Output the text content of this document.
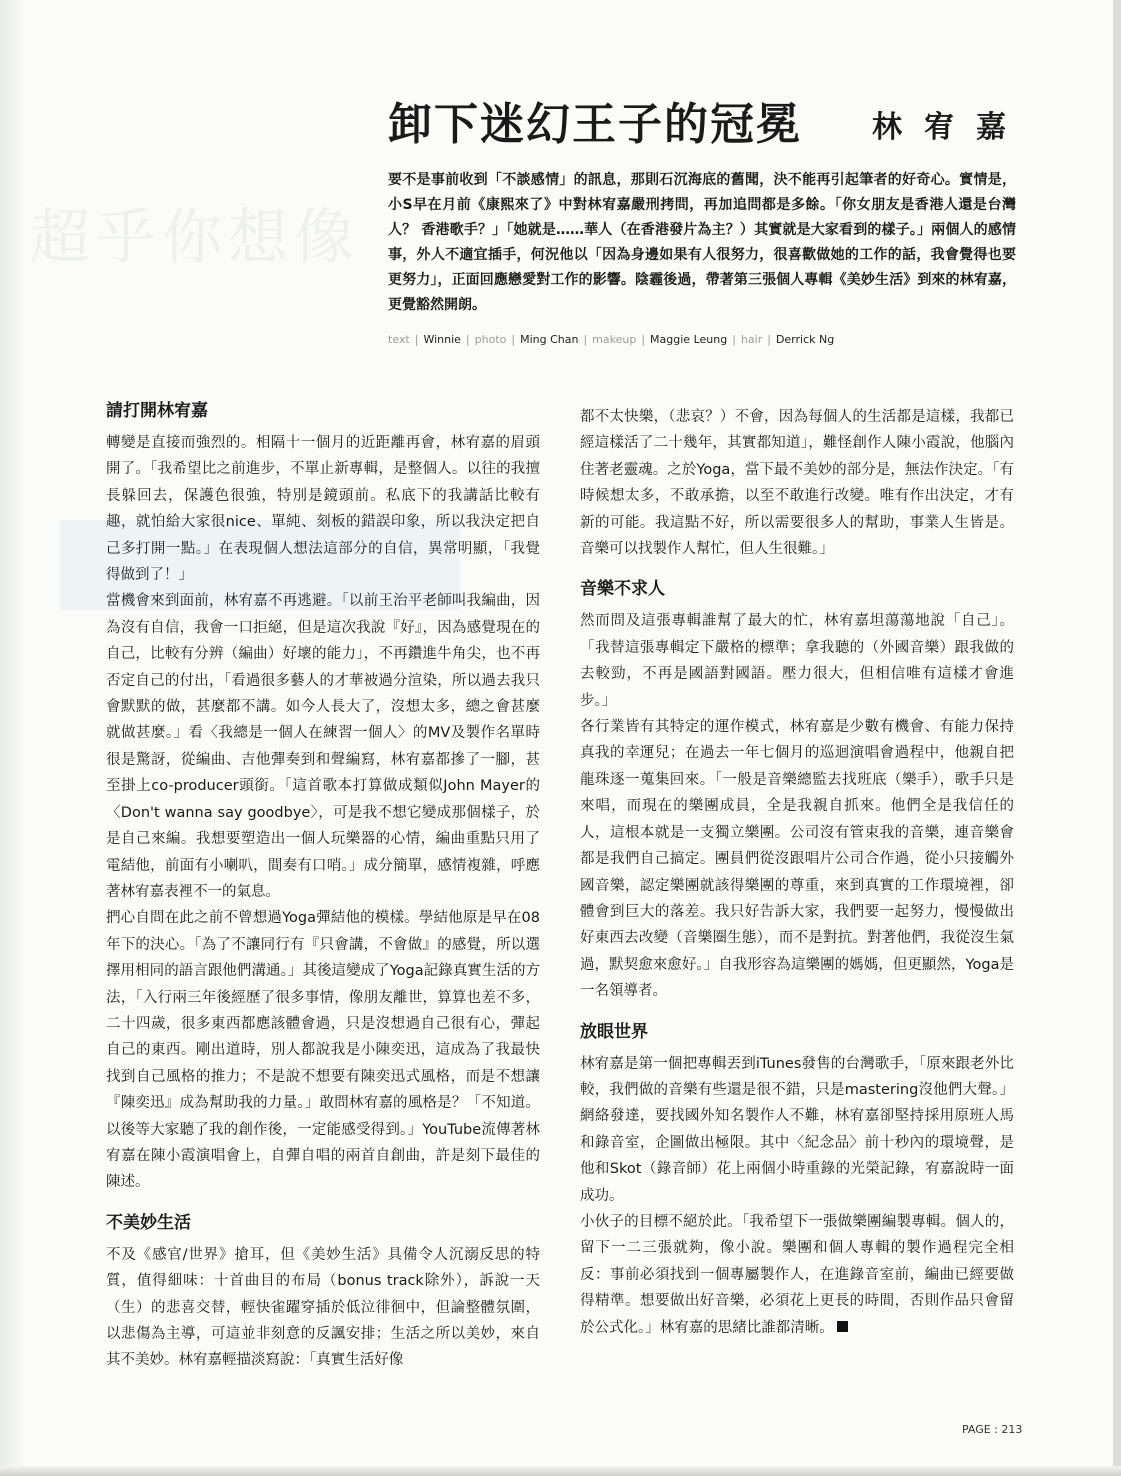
超乎你想像
卸下迷幻王子的冠冕 林宥嘉

要不是事前收到「不談感情」的訊息，那則石沉海底的舊聞，決不能再引起筆者的好奇心。實情是，小S早在月前《康熙來了》中對林宥嘉嚴刑拷問，再加追問都是多餘。「你女朋友是香港人還是台灣人？ 香港歌手？」「她就是……華人（在香港發片為主？）其實就是大家看到的樣子。」兩個人的感情事，外人不適宜插手，何況他以「因為身邊如果有人很努力，很喜歡做她的工作的話，我會覺得也要更努力」，正面回應戀愛對工作的影響。陰霾後過，帶著第三張個人專輯《美妙生活》到來的林宥嘉，更覺豁然開朗。

text | Winnie | photo | Ming Chan | makeup | Maggie Leung | hair | Derrick Ng
請打開林宥嘉

轉變是直接而強烈的。相隔十一個月的近距離再會，林宥嘉的眉頭開了。「我希望比之前進步，不單止新專輯，是整個人。以往的我擅長躲回去，保護色很強，特別是鏡頭前。私底下的我講話比較有趣，就怕給大家很nice、單純、刻板的錯誤印象，所以我決定把自己多打開一點。」在表現個人想法這部分的自信，異常明顯，「我覺得做到了！」

當機會來到面前，林宥嘉不再逃避。「以前王治平老師叫我編曲，因為沒有自信，我會一口拒絕，但是這次我說『好』，因為感覺現在的自己，比較有分辨（編曲）好壞的能力」，不再鑽進牛角尖，也不再否定自己的付出，「看過很多藝人的才華被過分渲染，所以過去我只會默默的做，甚麼都不講。如今人長大了，沒想太多，總之會甚麼就做甚麼。」看〈我總是一個人在練習一個人〉的MV及製作名單時很是驚訝，從編曲、吉他彈奏到和聲編寫，林宥嘉都摻了一腳，甚至掛上co-producer頭銜。「這首歌本打算做成類似John Mayer的〈Don't wanna say goodbye〉，可是我不想它變成那個樣子，於是自己來編。我想要塑造出一個人玩樂器的心情，編曲重點只用了電結他，前面有小喇叭，間奏有口哨。」成分簡單，感情複雜，呼應著林宥嘉表裡不一的氣息。

捫心自問在此之前不曾想過Yoga彈結他的模樣。學結他原是早在08年下的決心。「為了不讓同行有『只會講，不會做』的感覺，所以選擇用相同的語言跟他們溝通。」其後這變成了Yoga記錄真實生活的方法，「入行兩三年後經歷了很多事情，像朋友離世，算算也差不多，二十四歲，很多東西都應該體會過，只是沒想過自己很有心，彈起自己的東西。剛出道時，別人都說我是小陳奕迅，這成為了我最快找到自己風格的推力；不是說不想要有陳奕迅式風格，而是不想讓『陳奕迅』成為幫助我的力量。」敢問林宥嘉的風格是？「不知道。以後等大家聽了我的創作後，一定能感受得到。」YouTube流傳著林宥嘉在陳小霞演唱會上，自彈自唱的兩首自創曲，許是刻下最佳的陳述。

不美妙生活

不及《感官/世界》搶耳，但《美妙生活》具備令人沉溺反思的特質，值得細味：十首曲目的布局（bonus track除外），訴說一天（生）的悲喜交替，輕快雀躍穿插於低泣徘徊中，但論整體氛圍，以悲傷為主導，可這並非刻意的反諷安排；生活之所以美妙，來自其不美妙。林宥嘉輕描淡寫說：「真實生活好像

都不太快樂，（悲哀？）不會，因為每個人的生活都是這樣，我都已經這樣活了二十幾年，其實都知道」，難怪創作人陳小霞說，他腦內住著老靈魂。之於Yoga，當下最不美妙的部分是，無法作決定。「有時候想太多，不敢承擔，以至不敢進行改變。唯有作出決定，才有新的可能。我這點不好，所以需要很多人的幫助，事業人生皆是。音樂可以找製作人幫忙，但人生很難。」

音樂不求人

然而問及這張專輯誰幫了最大的忙，林宥嘉坦蕩蕩地說「自己」。「我替這張專輯定下嚴格的標準；拿我聽的（外國音樂）跟我做的去較勁，不再是國語對國語。壓力很大，但相信唯有這樣才會進步。」

各行業皆有其特定的運作模式，林宥嘉是少數有機會、有能力保持真我的幸運兒；在過去一年七個月的巡迴演唱會過程中，他親自把龍珠逐一蒐集回來。「一般是音樂總監去找班底（樂手），歌手只是來唱，而現在的樂團成員，全是我親自抓來。他們全是我信任的人，這根本就是一支獨立樂團。公司沒有管束我的音樂，連音樂會都是我們自己搞定。團員們從沒跟唱片公司合作過，從小只接觸外國音樂，認定樂團就該得樂團的尊重，來到真實的工作環境裡，卻體會到巨大的落差。我只好告訴大家，我們要一起努力，慢慢做出好東西去改變（音樂圈生態），而不是對抗。對著他們，我從沒生氣過，默契愈來愈好。」自我形容為這樂團的媽媽，但更顯然，Yoga是一名領導者。

放眼世界

林宥嘉是第一個把專輯丟到iTunes發售的台灣歌手，「原來跟老外比較，我們做的音樂有些還是很不錯，只是mastering沒他們大聲。」網絡發達，要找國外知名製作人不難，林宥嘉卻堅持採用原班人馬和錄音室，企圖做出極限。其中〈紀念品〉前十秒內的環境聲，是他和Skot（錄音師）花上兩個小時重錄的光榮記錄，宥嘉說時一面成功。

小伙子的目標不絕於此。「我希望下一張做樂團編製專輯。個人的，留下一二三張就夠，像小說。樂團和個人專輯的製作過程完全相反：事前必須找到一個專屬製作人，在進錄音室前，編曲已經要做得精準。想要做出好音樂，必須花上更長的時間，否則作品只會留於公式化。」林宥嘉的思緒比誰都清晰。

PAGE : 213
